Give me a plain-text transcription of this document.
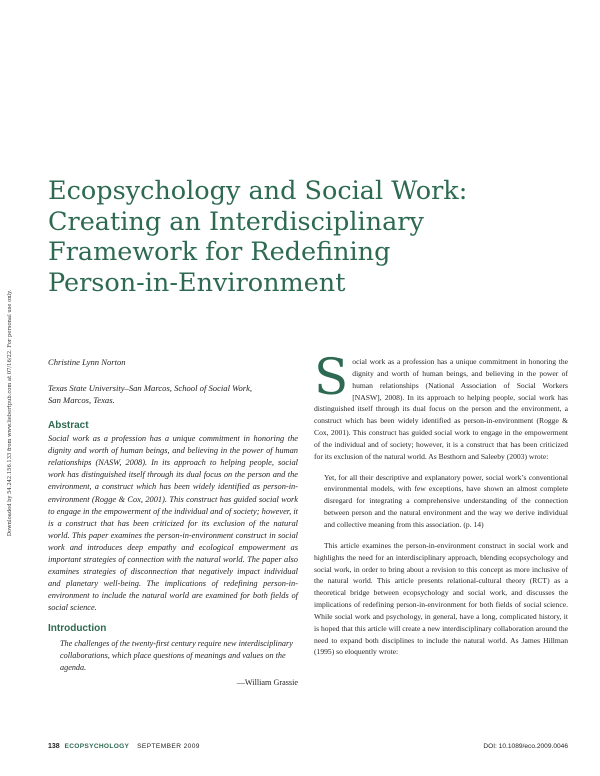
Downloaded by 54.242.156.133 from www.liebertpub.com at 07/16/22. For personal use only.
Ecopsychology and Social Work:
Creating an Interdisciplinary
Framework for Redefining
Person-in-Environment

Christine Lynn Norton

Texas State University–San Marcos, School of Social Work,
San Marcos, Texas.

Abstract

Social work as a profession has a unique commitment in honoring the dignity and worth of human beings, and believing in the power of human relationships (NASW, 2008). In its approach to helping people, social work has distinguished itself through its dual focus on the person and the environment, a construct which has been widely identified as person-in-environment (Rogge & Cox, 2001). This construct has guided social work to engage in the empowerment of the individual and of society; however, it is a construct that has been criticized for its exclusion of the natural world. This paper examines the person-in-environment construct in social work and introduces deep empathy and ecological empowerment as important strategies of connection with the natural world. The paper also examines strategies of disconnection that negatively impact individual and planetary well-being. The implications of redefining person-in-environment to include the natural world are examined for both fields of social science.

Introduction

The challenges of the twenty-first century require new interdisciplinary collaborations, which place questions of meanings and values on the agenda.

—William Grassie

Social work as a profession has a unique commitment in honoring the dignity and worth of human beings, and believing in the power of human relationships (National Association of Social Workers [NASW], 2008). In its approach to helping people, social work has distinguished itself through its dual focus on the person and the environment, a construct which has been widely identified as person-in-environment (Rogge & Cox, 2001). This construct has guided social work to engage in the empowerment of the individual and of society; however, it is a construct that has been criticized for its exclusion of the natural world. As Besthorn and Saleeby (2003) wrote:

Yet, for all their descriptive and explanatory power, social work’s conventional environmental models, with few exceptions, have shown an almost complete disregard for integrating a comprehensive understanding of the connection between person and the natural environment and the way we derive individual and collective meaning from this association. (p. 14)

This article examines the person-in-environment construct in social work and highlights the need for an interdisciplinary approach, blending ecopsychology and social work, in order to bring about a revision to this concept as more inclusive of the natural world. This article presents relational-cultural theory (RCT) as a theoretical bridge between ecopsychology and social work, and discusses the implications of redefining person-in-environment for both fields of social science. While social work and psychology, in general, have a long, complicated history, it is hoped that this article will create a new interdisciplinary collaboration around the need to expand both disciplines to include the natural world. As James Hillman (1995) so eloquently wrote:

138 ECOPSYCHOLOGY SEPTEMBER 2009	DOI: 10.1089/eco.2009.0046
